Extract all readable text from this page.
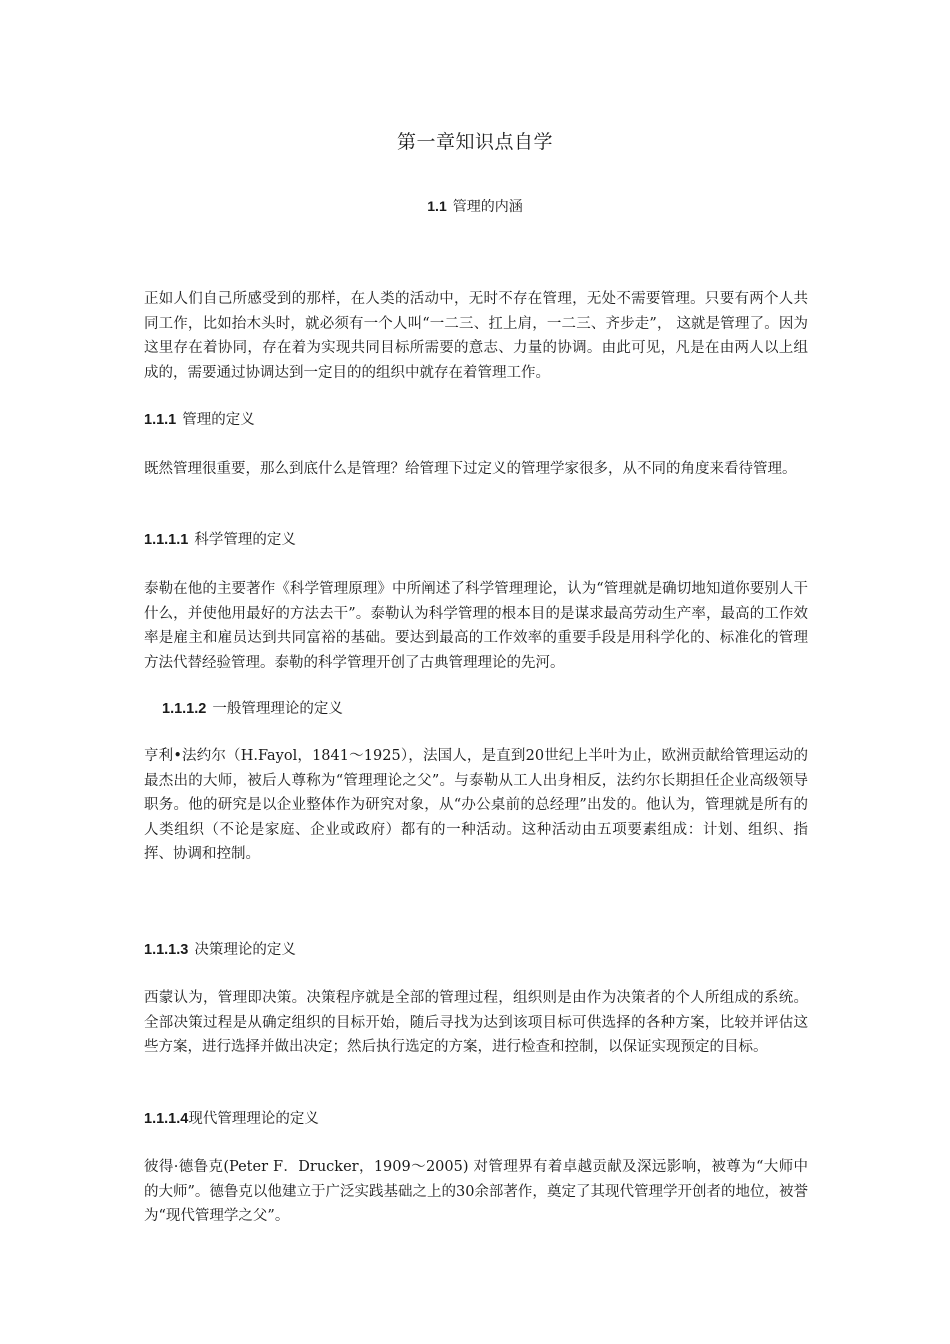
第一章知识点自学
1.1 管理的内涵

正如人们自己所感受到的那样，在人类的活动中，无时不存在管理，无处不需要管理。只要有两个人共同工作，比如抬木头时，就必须有一个人叫“一二三、扛上肩，一二三、齐步走”， 这就是管理了。因为这里存在着协同，存在着为实现共同目标所需要的意志、力量的协调。由此可见，凡是在由两人以上组成的，需要通过协调达到一定目的的组织中就存在着管理工作。

1.1.1 管理的定义

既然管理很重要，那么到底什么是管理？给管理下过定义的管理学家很多，从不同的角度来看待管理。

1.1.1.1 科学管理的定义

泰勒在他的主要著作《科学管理原理》中所阐述了科学管理理论，认为“管理就是确切地知道你要别人干什么，并使他用最好的方法去干”。泰勒认为科学管理的根本目的是谋求最高劳动生产率，最高的工作效率是雇主和雇员达到共同富裕的基础。要达到最高的工作效率的重要手段是用科学化的、标准化的管理方法代替经验管理。泰勒的科学管理开创了古典管理理论的先河。

1.1.1.2 一般管理理论的定义

亨利•法约尔（H.Fayol，1841～1925），法国人，是直到20世纪上半叶为止，欧洲贡献给管理运动的最杰出的大师，被后人尊称为“管理理论之父”。与泰勒从工人出身相反，法约尔长期担任企业高级领导职务。他的研究是以企业整体作为研究对象，从“办公桌前的总经理”出发的。他认为，管理就是所有的人类组织（不论是家庭、企业或政府）都有的一种活动。这种活动由五项要素组成：计划、组织、指挥、协调和控制。

1.1.1.3 决策理论的定义

西蒙认为，管理即决策。决策程序就是全部的管理过程，组织则是由作为决策者的个人所组成的系统。全部决策过程是从确定组织的目标开始，随后寻找为达到该项目标可供选择的各种方案，比较并评估这些方案，进行选择并做出决定；然后执行选定的方案，进行检查和控制，以保证实现预定的目标。

1.1.1.4现代管理理论的定义

彼得·德鲁克(Peter F．Drucker，1909～2005) 对管理界有着卓越贡献及深远影响，被尊为“大师中的大师”。德鲁克以他建立于广泛实践基础之上的30余部著作，奠定了其现代管理学开创者的地位，被誉为“现代管理学之父”。
